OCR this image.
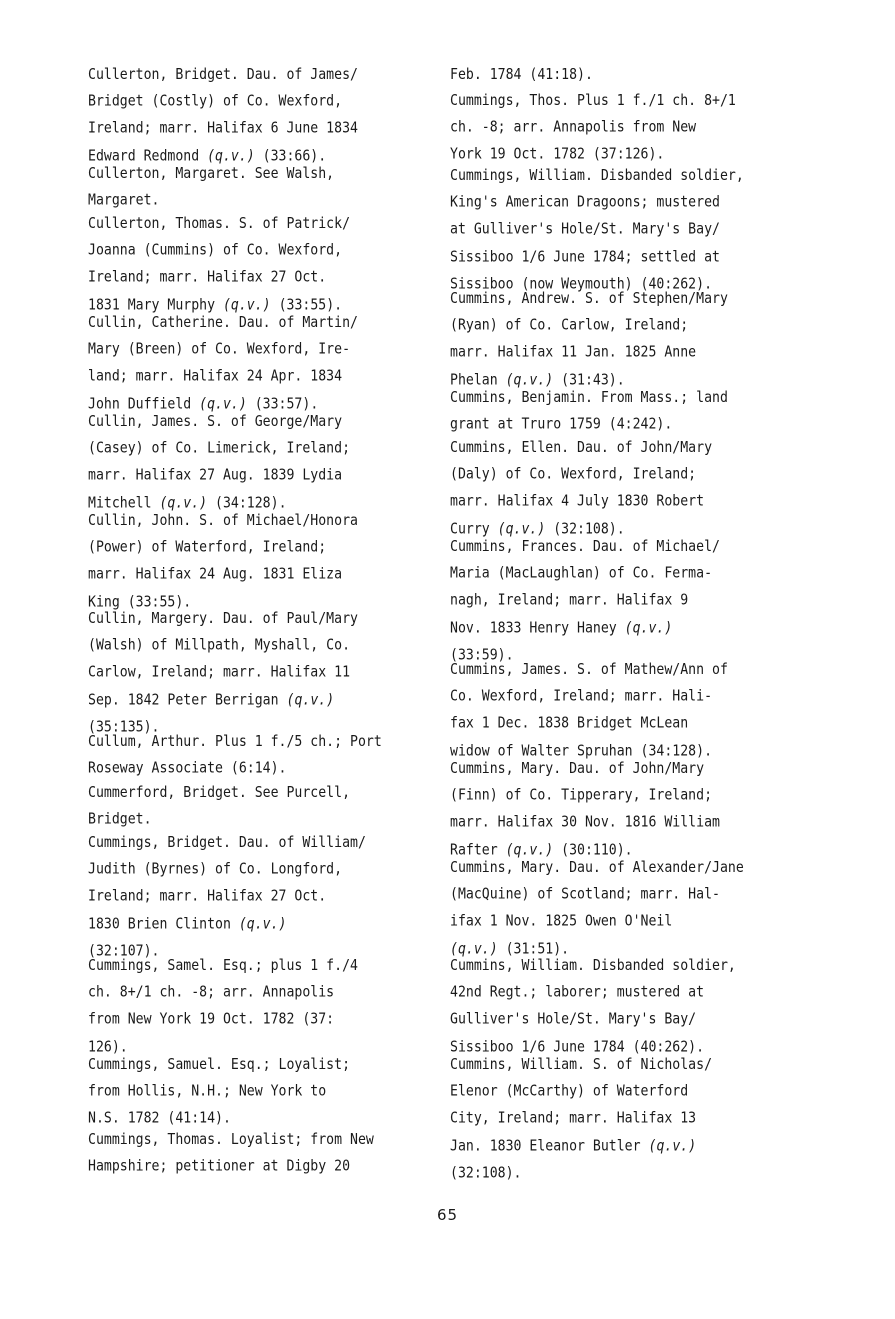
Cullerton, Bridget. Dau. of James/
Bridget (Costly) of Co. Wexford,
Ireland; marr. Halifax 6 June 1834
Edward Redmond (q.v.) (33:66).
Cullerton, Margaret. See Walsh,
Margaret.
Cullerton, Thomas. S. of Patrick/
Joanna (Cummins) of Co. Wexford,
Ireland; marr. Halifax 27 Oct.
1831 Mary Murphy (q.v.) (33:55).
Cullin, Catherine. Dau. of Martin/
Mary (Breen) of Co. Wexford, Ire-
land; marr. Halifax 24 Apr. 1834
John Duffield (q.v.) (33:57).
Cullin, James. S. of George/Mary
(Casey) of Co. Limerick, Ireland;
marr. Halifax 27 Aug. 1839 Lydia
Mitchell (q.v.) (34:128).
Cullin, John. S. of Michael/Honora
(Power) of Waterford, Ireland;
marr. Halifax 24 Aug. 1831 Eliza
King (33:55).
Cullin, Margery. Dau. of Paul/Mary
(Walsh) of Millpath, Myshall, Co.
Carlow, Ireland; marr. Halifax 11
Sep. 1842 Peter Berrigan (q.v.)
(35:135).
Cullum, Arthur. Plus 1 f./5 ch.; Port
Roseway Associate (6:14).
Cummerford, Bridget. See Purcell,
Bridget.
Cummings, Bridget. Dau. of William/
Judith (Byrnes) of Co. Longford,
Ireland; marr. Halifax 27 Oct.
1830 Brien Clinton (q.v.)
(32:107).
Cummings, Samel. Esq.; plus 1 f./4
ch. 8+/1 ch. -8; arr. Annapolis
from New York 19 Oct. 1782 (37:
126).
Cummings, Samuel. Esq.; Loyalist;
from Hollis, N.H.; New York to
N.S. 1782 (41:14).
Cummings, Thomas. Loyalist; from New
Hampshire; petitioner at Digby 20
Feb. 1784 (41:18).
Cummings, Thos. Plus 1 f./1 ch. 8+/1
ch. -8; arr. Annapolis from New
York 19 Oct. 1782 (37:126).
Cummings, William. Disbanded soldier,
King's American Dragoons; mustered
at Gulliver's Hole/St. Mary's Bay/
Sissiboo 1/6 June 1784; settled at
Sissiboo (now Weymouth) (40:262).
Cummins, Andrew. S. of Stephen/Mary
(Ryan) of Co. Carlow, Ireland;
marr. Halifax 11 Jan. 1825 Anne
Phelan (q.v.) (31:43).
Cummins, Benjamin. From Mass.; land
grant at Truro 1759 (4:242).
Cummins, Ellen. Dau. of John/Mary
(Daly) of Co. Wexford, Ireland;
marr. Halifax 4 July 1830 Robert
Curry (q.v.) (32:108).
Cummins, Frances. Dau. of Michael/
Maria (MacLaughlan) of Co. Ferma-
nagh, Ireland; marr. Halifax 9
Nov. 1833 Henry Haney (q.v.)
(33:59).
Cummins, James. S. of Mathew/Ann of
Co. Wexford, Ireland; marr. Hali-
fax 1 Dec. 1838 Bridget McLean
widow of Walter Spruhan (34:128).
Cummins, Mary. Dau. of John/Mary
(Finn) of Co. Tipperary, Ireland;
marr. Halifax 30 Nov. 1816 William
Rafter (q.v.) (30:110).
Cummins, Mary. Dau. of Alexander/Jane
(MacQuine) of Scotland; marr. Hal-
ifax 1 Nov. 1825 Owen O'Neil
(q.v.) (31:51).
Cummins, William. Disbanded soldier,
42nd Regt.; laborer; mustered at
Gulliver's Hole/St. Mary's Bay/
Sissiboo 1/6 June 1784 (40:262).
Cummins, William. S. of Nicholas/
Elenor (McCarthy) of Waterford
City, Ireland; marr. Halifax 13
Jan. 1830 Eleanor Butler (q.v.)
(32:108).
65
